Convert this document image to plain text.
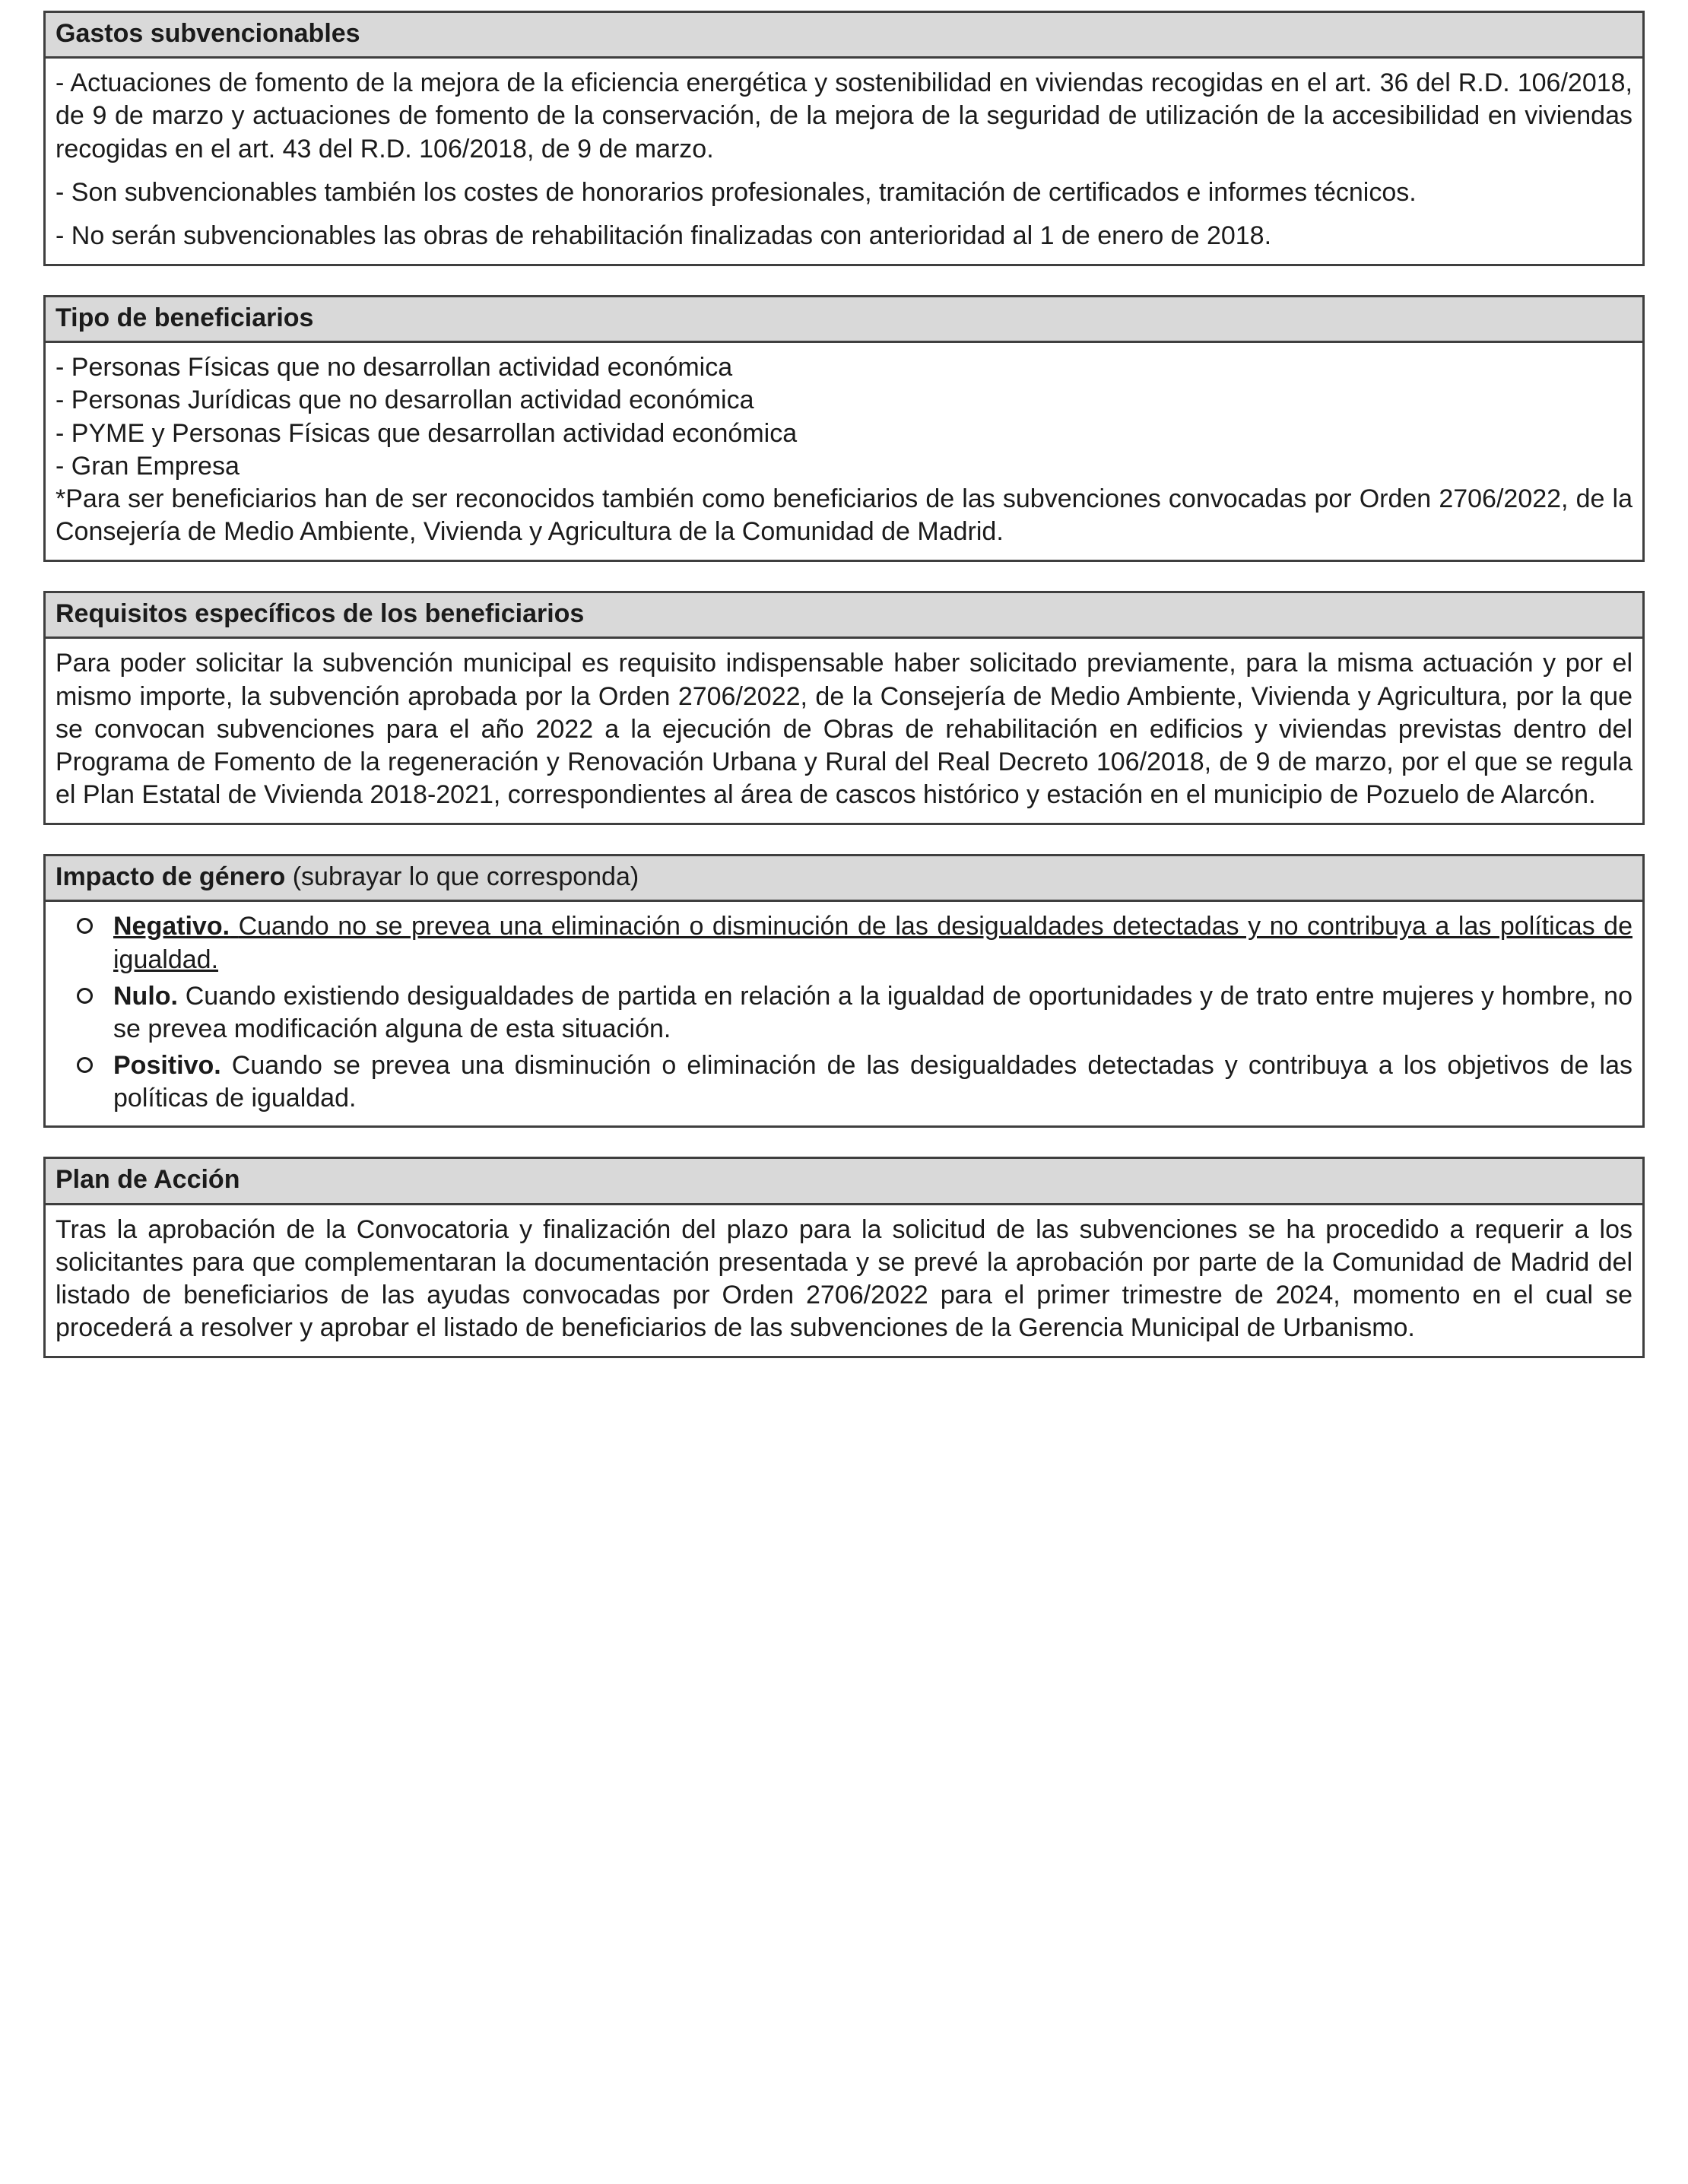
Gastos subvencionables

- Actuaciones de fomento de la mejora de la eficiencia energética y sostenibilidad en viviendas recogidas en el art. 36 del R.D. 106/2018, de 9 de marzo y actuaciones de fomento de la conservación, de la mejora de la seguridad de utilización de la accesibilidad en viviendas recogidas en el art. 43 del R.D. 106/2018, de 9 de marzo.

- Son subvencionables también los costes de honorarios profesionales, tramitación de certificados e informes técnicos.

- No serán subvencionables las obras de rehabilitación finalizadas con anterioridad al 1 de enero de 2018.

Tipo de beneficiarios
- Personas Físicas que no desarrollan actividad económica
- Personas Jurídicas que no desarrollan actividad económica
- PYME y Personas Físicas que desarrollan actividad económica
- Gran Empresa

*Para ser beneficiarios han de ser reconocidos también como beneficiarios de las subvenciones convocadas por Orden 2706/2022, de la Consejería de Medio Ambiente, Vivienda y Agricultura de la Comunidad de Madrid.

Requisitos específicos de los beneficiarios

Para poder solicitar la subvención municipal es requisito indispensable haber solicitado previamente, para la misma actuación y por el mismo importe, la subvención aprobada por la Orden 2706/2022, de la Consejería de Medio Ambiente, Vivienda y Agricultura, por la que se convocan subvenciones para el año 2022 a la ejecución de Obras de rehabilitación en edificios y viviendas previstas dentro del Programa de Fomento de la regeneración y Renovación Urbana y Rural del Real Decreto 106/2018, de 9 de marzo, por el que se regula el Plan Estatal de Vivienda 2018-2021, correspondientes al área de cascos histórico y estación en el municipio de Pozuelo de Alarcón.

Impacto de género (subrayar lo que corresponda)
Negativo. Cuando no se prevea una eliminación o disminución de las desigualdades detectadas y no contribuya a las políticas de igualdad.
Nulo. Cuando existiendo desigualdades de partida en relación a la igualdad de oportunidades y de trato entre mujeres y hombre, no se prevea modificación alguna de esta situación.
Positivo. Cuando se prevea una disminución o eliminación de las desigualdades detectadas y contribuya a los objetivos de las políticas de igualdad.
Plan de Acción

Tras la aprobación de la Convocatoria y finalización del plazo para la solicitud de las subvenciones se ha procedido a requerir a los solicitantes para que complementaran la documentación presentada y se prevé la aprobación por parte de la Comunidad de Madrid del listado de beneficiarios de las ayudas convocadas por Orden 2706/2022 para el primer trimestre de 2024, momento en el cual se procederá a resolver y aprobar el listado de beneficiarios de las subvenciones de la Gerencia Municipal de Urbanismo.
